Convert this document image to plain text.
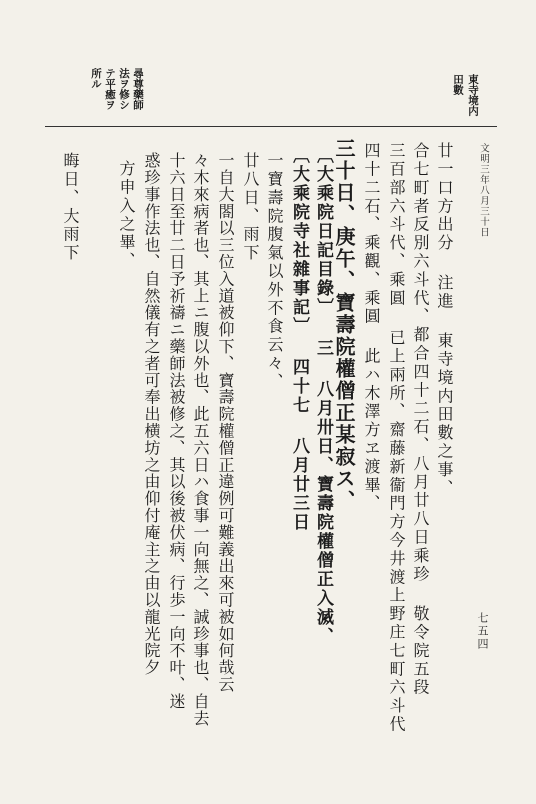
七五四
文明三年八月三十日
東寺境内
田數
尋尊藥師
法ヲ修シ
テ平癒ヲ
所ル
廿一口方出分 注進 東寺境内田數之事、
合七町者反別六斗代、都合四十二石、八月廿八日乘珍 敬令院五段
三百部六斗代、乘圓 已上兩所、齋藤新衞門方今井渡上野庄七町六斗代
四十二石、乘觀、乘圓 此ハ木澤方ヱ渡畢、
三十日、庚午、寶壽院權僧正某寂ス、
〔大乘院日記目錄〕 三 八月卅日、寶壽院權僧正入滅、
〔大乘院寺社雜事記〕 四十七 八月廿三日
一寶壽院腹氣以外不食云々、
廿八日、雨下
一自大閤以三位入道被仰下、寶壽院權僧正違例可難義出來可被如何哉云
々木來病者也、其上ニ腹以外也、此五六日ハ食事一向無之、誠珍事也、自去
十六日至廿二日予祈禱ニ藥師法被修之、其以後被伏病、行歩一向不叶、迷
惑珍事作法也、自然儀有之者可奉出横坊之由仰付庵主之由以龍光院夕
方申入之畢、
晦日、大雨下
